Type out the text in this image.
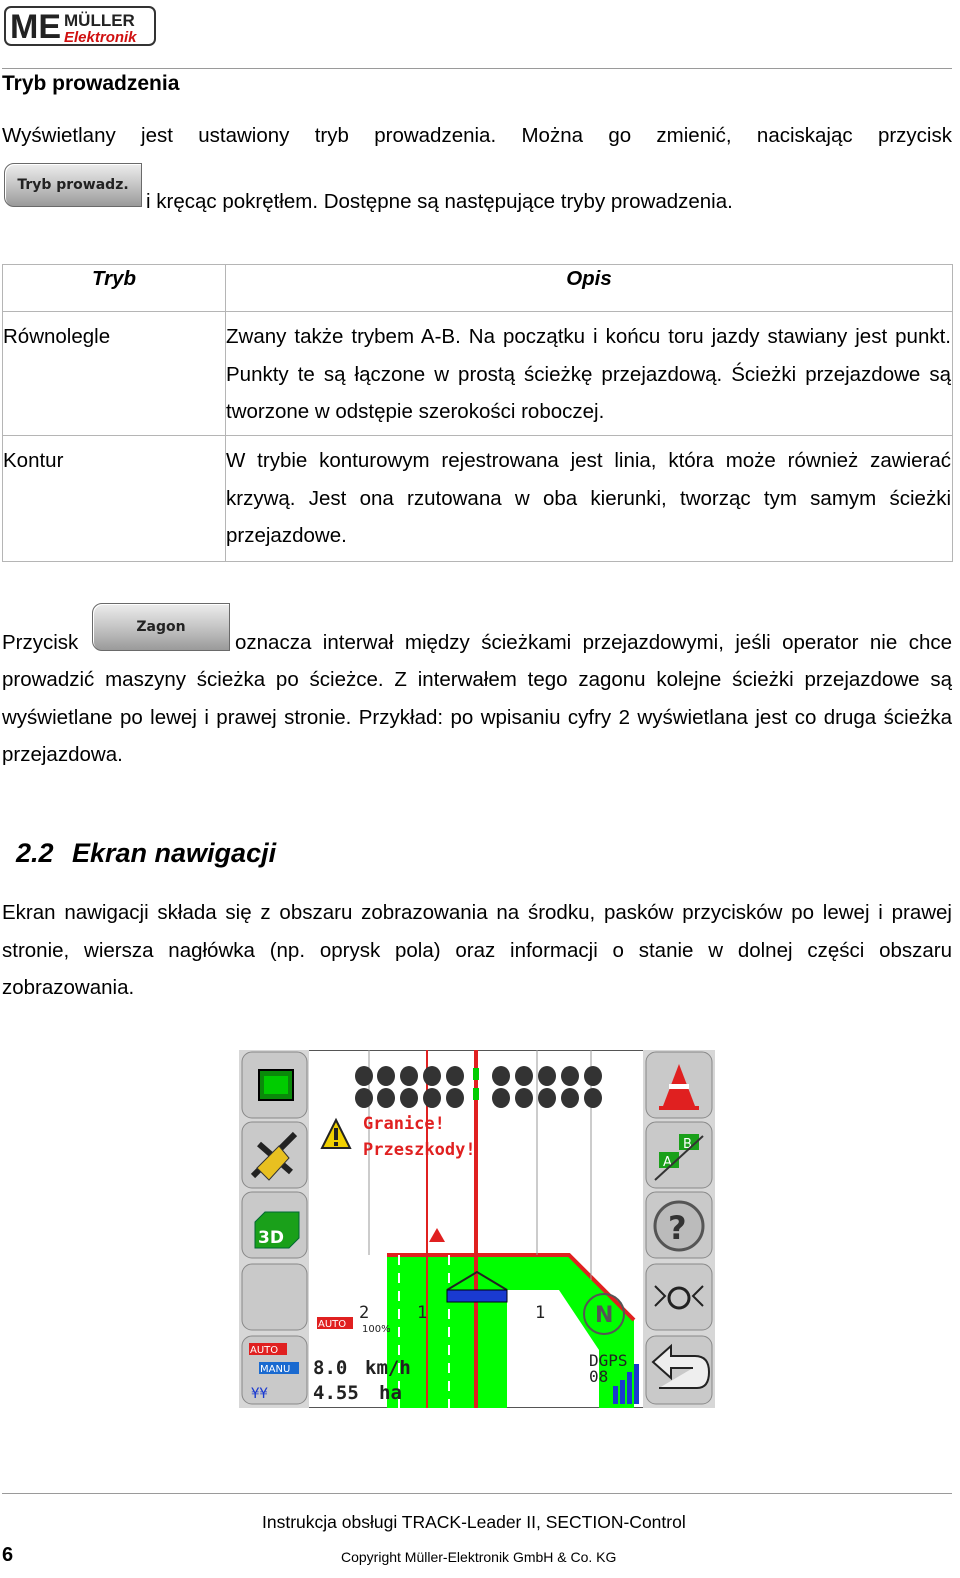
ME MÜLLER
Elektronik
Tryb prowadzenia
Wyświetlany jest ustawiony tryb prowadzenia. Można go zmienić, naciskając przycisk
Tryb prowadz.
i kręcąc pokrętłem. Dostępne są następujące tryby prowadzenia.
Tryb	Opis

Równolegle	Zwany także trybem A-B. Na początku i końcu toru jazdy stawiany jest punkt. Punkty te są łączone w prostą ścieżkę przejazdową. Ścieżki przejazdowe są tworzone w odstępie szerokości roboczej.

Kontur	W trybie konturowym rejestrowana jest linia, która może również zawierać krzywą. Jest ona rzutowana w oba kierunki, tworząc tym samym ścieżki przejazdowe.
Przycisk
Zagon
oznacza interwał między ścieżkami przejazdowymi, jeśli operator nie chce
prowadzić maszyny ścieżka po ścieżce. Z interwałem tego zagonu kolejne ścieżki przejazdowe są wyświetlane po lewej i prawej stronie. Przykład: po wpisaniu cyfry 2 wyświetlana jest co druga ścieżka przejazdowa.
2.2 Ekran nawigacji
Ekran nawigacji składa się z obszaru zobrazowania na środku, pasków przycisków po lewej i prawej stronie, wiersza nagłówka (np. oprysk pola) oraz informacji o stanie w dolnej części obszaru zobrazowania.
3D
AUTO
MANU
¥¥
B
A
?
Granice!
Przeszkody!
2	1	1
AUTO 100%
8.0 km/h
4.55 ha
N
DGPS
08
Instrukcja obsługi TRACK-Leader II, SECTION-Control
6	Copyright Müller-Elektronik GmbH & Co. KG
